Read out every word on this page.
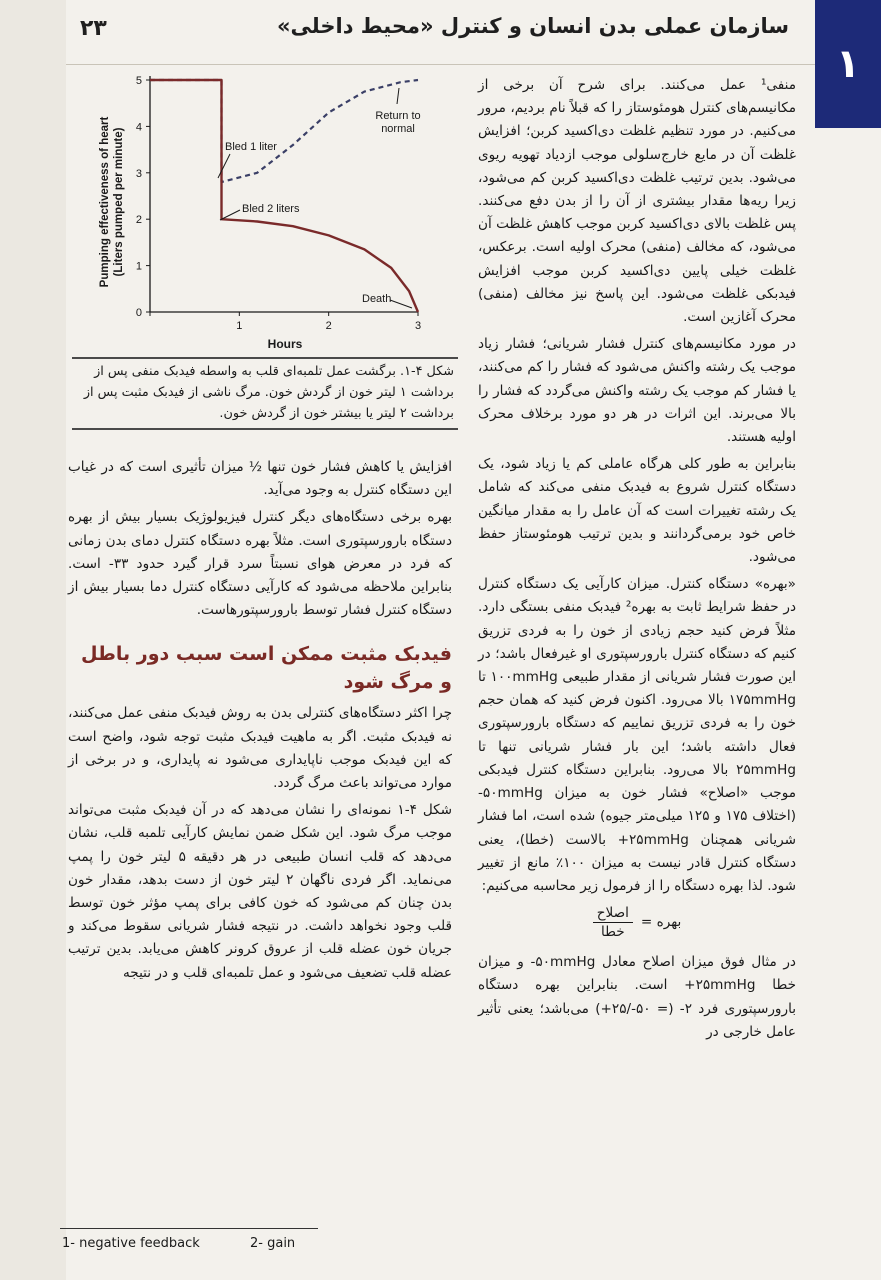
۱
سازمان عملی بدن انسان و کنترل «محیط داخلی»
۲۳
Pumping effectiveness of heart (Liters pumped per minute)
Hours
Return to
normal
Bled 1 liter
Bled 2 liters
Death
0
1
2
3
4
5
1	2	3
شکل ۴-۱. برگشت عمل تلمبه‌ای قلب به واسطه فیدبک منفی پس از برداشت ۱ لیتر خون از گردش خون. مرگ ناشی از فیدبک مثبت پس از برداشت ۲ لیتر یا بیشتر خون از گردش خون.

منفی¹ عمل می‌کنند. برای شرح آن برخی از مکانیسم‌های کنترل هومئوستاز را که قبلاً نام بردیم، مرور می‌کنیم. در مورد تنظیم غلظت دی‌اکسید کربن؛ افزایش غلظت آن در مایع خارج‌سلولی موجب ازدیاد تهویه ریوی می‌شود. بدین ترتیب غلظت دی‌اکسید کربن کم می‌شود، زیرا ریه‌ها مقدار بیشتری از آن را از بدن دفع می‌کنند. پس غلظت بالای دی‌اکسید کربن موجب کاهش غلظت آن می‌شود، که مخالف (منفی) محرک اولیه است. برعکس، غلظت خیلی پایین دی‌اکسید کربن موجب افزایش فیدبکی غلظت می‌شود. این پاسخ نیز مخالف (منفی) محرک آغازین است.

در مورد مکانیسم‌های کنترل فشار شریانی؛ فشار زیاد موجب یک رشته واکنش می‌شود که فشار را کم می‌کنند، یا فشار کم موجب یک رشته واکنش می‌گردد که فشار را بالا می‌برند. این اثرات در هر دو مورد برخلاف محرک اولیه هستند.

بنابراین به طور کلی هرگاه عاملی کم یا زیاد شود، یک دستگاه کنترل شروع به فیدبک منفی می‌کند که شامل یک رشته تغییرات است که آن عامل را به مقدار میانگین خاص خود برمی‌گردانند و بدین ترتیب هومئوستاز حفظ می‌شود.

«بهره» دستگاه کنترل. میزان کارآیی یک دستگاه کنترل در حفظ شرایط ثابت به بهره² فیدبک منفی بستگی دارد. مثلاً فرض کنید حجم زیادی از خون را به فردی تزریق کنیم که دستگاه کنترل بارورسپتوری او غیرفعال باشد؛ در این صورت فشار شریانی از مقدار طبیعی ۱۰۰mmHg تا ۱۷۵mmHg بالا می‌رود. اکنون فرض کنید که همان حجم خون را به فردی تزریق نماییم که دستگاه بارورسپتوری فعال داشته باشد؛ این بار فشار شریانی تنها تا ۲۵mmHg بالا می‌رود. بنابراین دستگاه کنترل فیدبکی موجب «اصلاح» فشار خون به میزان ۵۰mmHg- (اختلاف ۱۷۵ و ۱۲۵ میلی‌متر جیوه) شده است، اما فشار شریانی همچنان ۲۵mmHg+ بالاست (خطا)، یعنی دستگاه کنترل قادر نیست به میزان ۱۰۰٪ مانع از تغییر شود. لذا بهره دستگاه را از فرمول زیر محاسبه می‌کنیم:

بهره =
$\frac{\text{اصلاح}}{\text{خطا}}$

در مثال فوق میزان اصلاح معادل ۵۰mmHg- و میزان خطا ۲۵mmHg+ است. بنابراین بهره دستگاه بارورسپتوری فرد ۲- (= ۵۰-/۲۵+) می‌باشد؛ یعنی تأثیر عامل خارجی در

افزایش یا کاهش فشار خون تنها ½ میزان تأثیری است که در غیاب این دستگاه کنترل به وجود می‌آید.

بهره برخی دستگاه‌های دیگر کنترل فیزیولوژیک بسیار بیش از بهره دستگاه بارورسپتوری است. مثلاً بهره دستگاه کنترل دمای بدن زمانی که فرد در معرض هوای نسبتاً سرد قرار گیرد حدود ۳۳- است. بنابراین ملاحظه می‌شود که کارآیی دستگاه کنترل دما بسیار بیش از دستگاه کنترل فشار توسط بارورسپتورهاست.

فیدبک مثبت ممکن است سبب دور باطل و مرگ شود

چرا اکثر دستگاه‌های کنترلی بدن به روش فیدبک منفی عمل می‌کنند، نه فیدبک مثبت. اگر به ماهیت فیدبک مثبت توجه شود، واضح است که این فیدبک موجب ناپایداری می‌شود نه پایداری، و در برخی از موارد می‌تواند باعث مرگ گردد.

شکل ۴-۱ نمونه‌ای را نشان می‌دهد که در آن فیدبک مثبت می‌تواند موجب مرگ شود. این شکل ضمن نمایش کارآیی تلمبه قلب، نشان می‌دهد که قلب انسان طبیعی در هر دقیقه ۵ لیتر خون را پمپ می‌نماید. اگر فردی ناگهان ۲ لیتر خون از دست بدهد، مقدار خون بدن چنان کم می‌شود که خون کافی برای پمپ مؤثر خون توسط قلب وجود نخواهد داشت. در نتیجه فشار شریانی سقوط می‌کند و جریان خون عضله قلب از عروق کرونر کاهش می‌یابد. بدین ترتیب عضله قلب تضعیف می‌شود و عمل تلمبه‌ای قلب و در نتیجه

1- negative feedback	2- gain
